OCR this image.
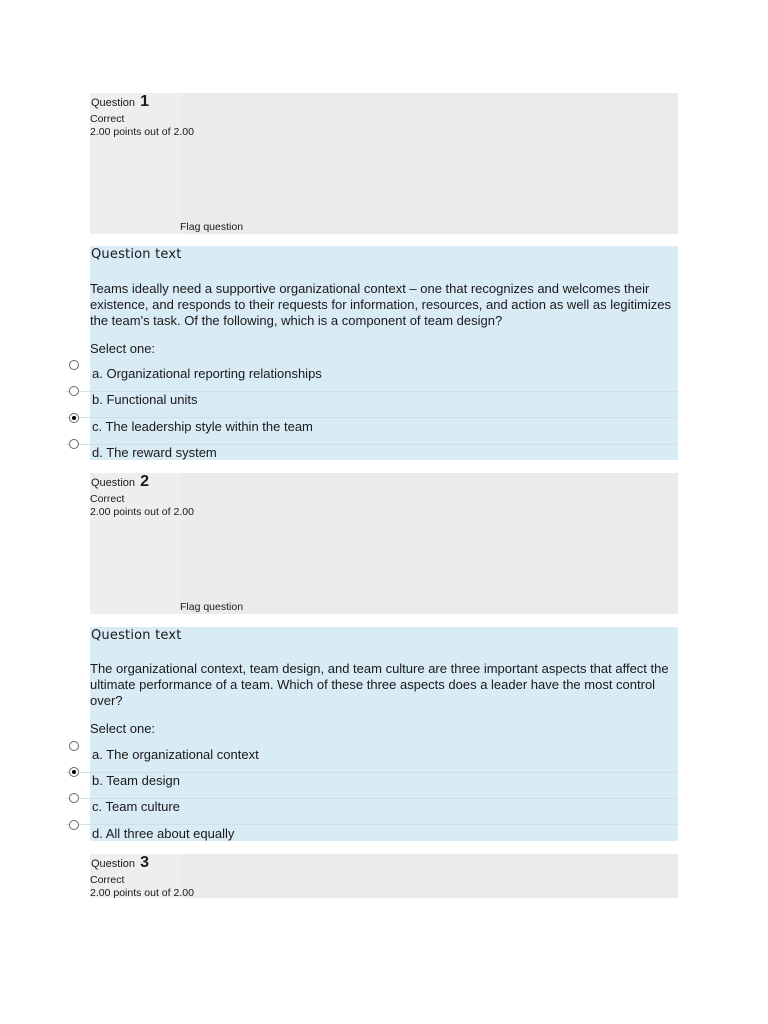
Question 1
Correct
2.00 points out of 2.00
Flag question
Question text
Teams ideally need a supportive organizational context – one that recognizes and welcomes their existence, and responds to their requests for information, resources, and action as well as legitimizes the team's task. Of the following, which is a component of team design?
Select one:
a. Organizational reporting relationships
b. Functional units
c. The leadership style within the team
d. The reward system
Question 2
Correct
2.00 points out of 2.00
Flag question
Question text
The organizational context, team design, and team culture are three important aspects that affect the ultimate performance of a team. Which of these three aspects does a leader have the most control over?
Select one:
a. The organizational context
b. Team design
c. Team culture
d. All three about equally
Question 3
Correct
2.00 points out of 2.00
